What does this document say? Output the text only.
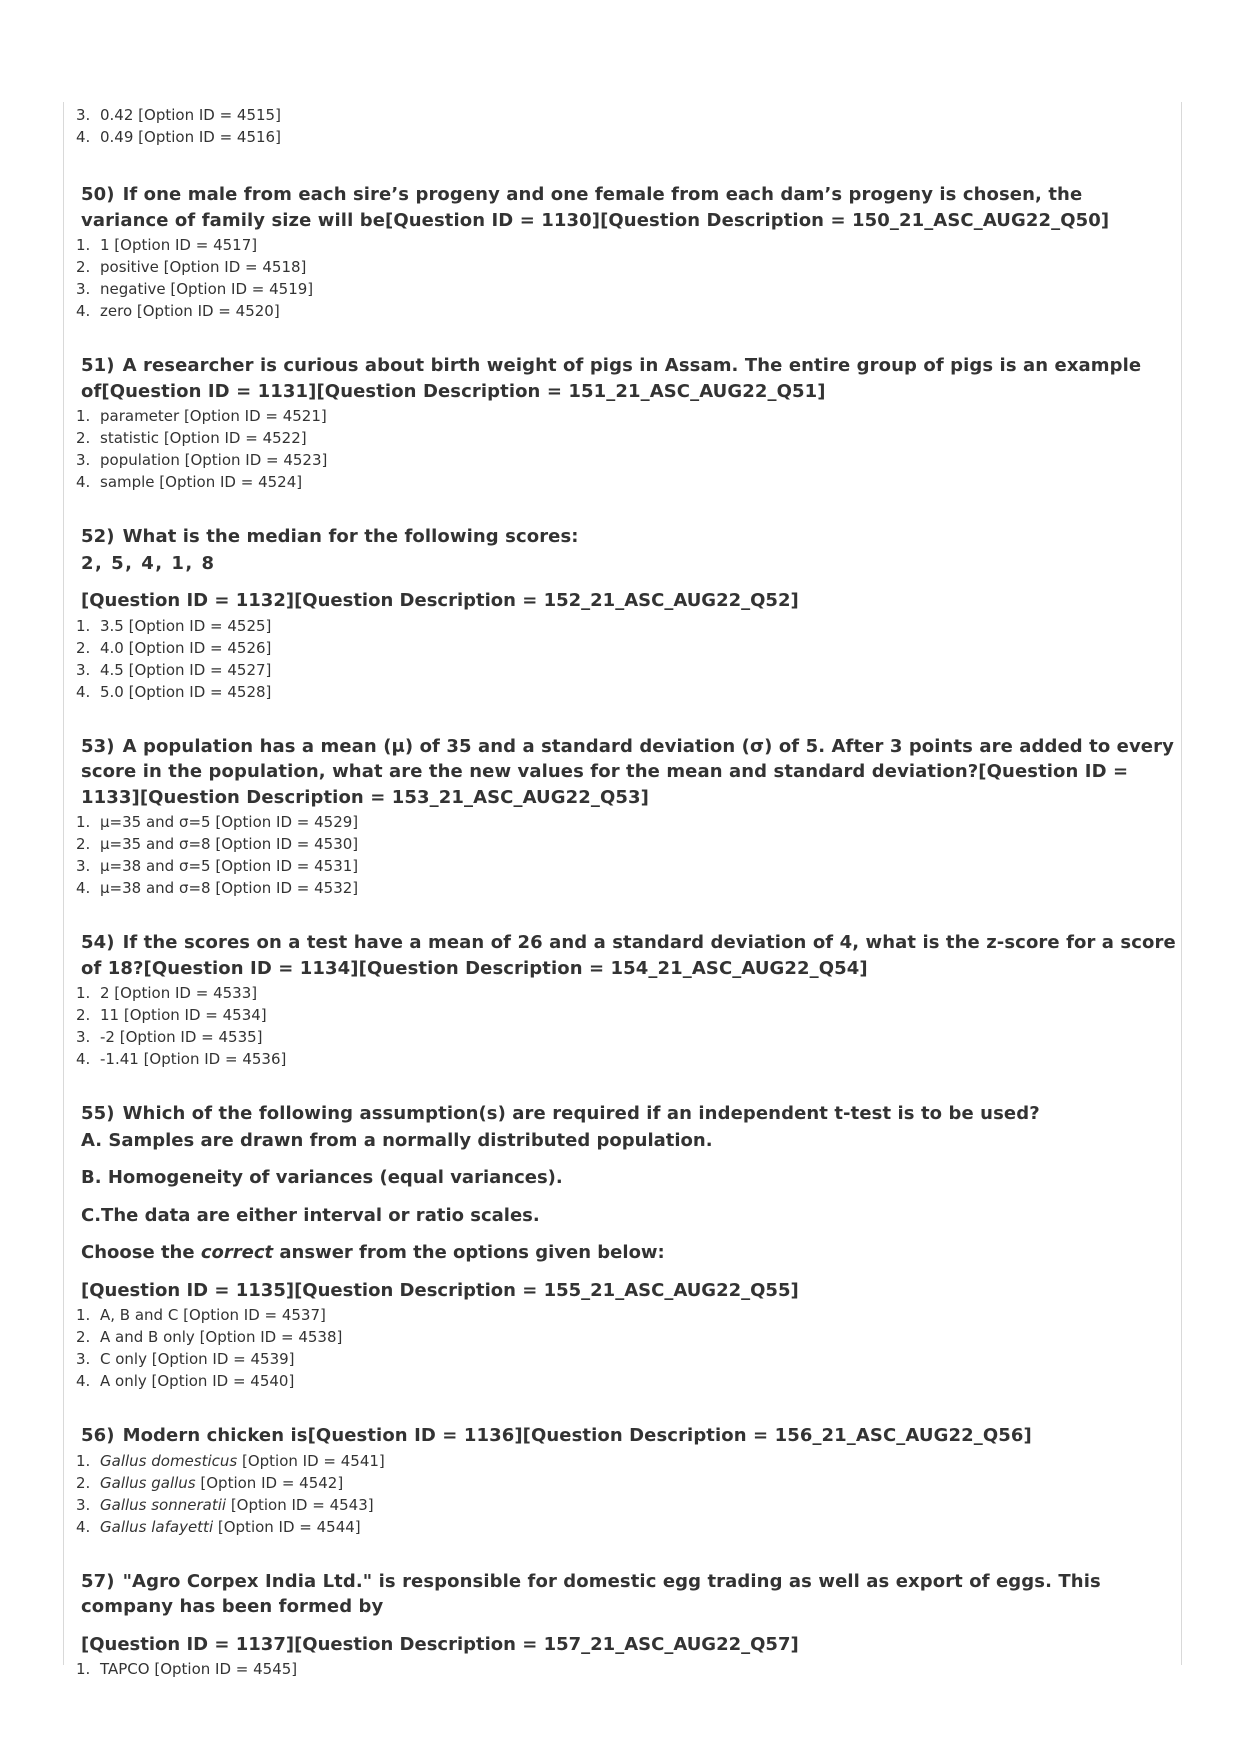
3. 0.42 [Option ID = 4515]
4. 0.49 [Option ID = 4516]
50) If one male from each sire’s progeny and one female from each dam’s progeny is chosen, the variance of family size will be[Question ID = 1130][Question Description = 150_21_ASC_AUG22_Q50]
1. 1 [Option ID = 4517]
2. positive [Option ID = 4518]
3. negative [Option ID = 4519]
4. zero [Option ID = 4520]
51) A researcher is curious about birth weight of pigs in Assam. The entire group of pigs is an example of[Question ID = 1131][Question Description = 151_21_ASC_AUG22_Q51]
1. parameter [Option ID = 4521]
2. statistic [Option ID = 4522]
3. population [Option ID = 4523]
4. sample [Option ID = 4524]
52) What is the median for the following scores:
2, 5, 4, 1, 8
[Question ID = 1132][Question Description = 152_21_ASC_AUG22_Q52]
1. 3.5 [Option ID = 4525]
2. 4.0 [Option ID = 4526]
3. 4.5 [Option ID = 4527]
4. 5.0 [Option ID = 4528]
53) A population has a mean (μ) of 35 and a standard deviation (σ) of 5. After 3 points are added to every score in the population, what are the new values for the mean and standard deviation?[Question ID = 1133][Question Description = 153_21_ASC_AUG22_Q53]
1. μ=35 and σ=5 [Option ID = 4529]
2. μ=35 and σ=8 [Option ID = 4530]
3. μ=38 and σ=5 [Option ID = 4531]
4. μ=38 and σ=8 [Option ID = 4532]
54) If the scores on a test have a mean of 26 and a standard deviation of 4, what is the z-score for a score of 18?[Question ID = 1134][Question Description = 154_21_ASC_AUG22_Q54]
1. 2 [Option ID = 4533]
2. 11 [Option ID = 4534]
3. -2 [Option ID = 4535]
4. -1.41 [Option ID = 4536]
55) Which of the following assumption(s) are required if an independent t-test is to be used?
A. Samples are drawn from a normally distributed population.
B. Homogeneity of variances (equal variances).
C.The data are either interval or ratio scales.
Choose the correct answer from the options given below:
[Question ID = 1135][Question Description = 155_21_ASC_AUG22_Q55]
1. A, B and C [Option ID = 4537]
2. A and B only [Option ID = 4538]
3. C only [Option ID = 4539]
4. A only [Option ID = 4540]
56) Modern chicken is[Question ID = 1136][Question Description = 156_21_ASC_AUG22_Q56]
1. Gallus domesticus [Option ID = 4541]
2. Gallus gallus [Option ID = 4542]
3. Gallus sonneratii [Option ID = 4543]
4. Gallus lafayetti [Option ID = 4544]
57) "Agro Corpex India Ltd." is responsible for domestic egg trading as well as export of eggs. This company has been formed by
[Question ID = 1137][Question Description = 157_21_ASC_AUG22_Q57]
1. TAPCO [Option ID = 4545]
